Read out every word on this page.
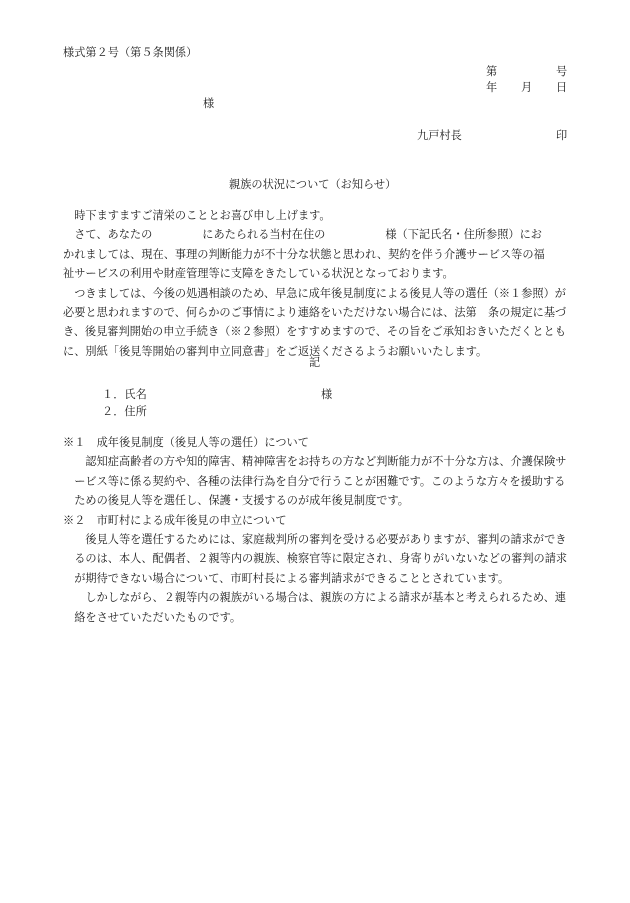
様式第２号（第５条関係）
第	号
年 月 日
様
九戸村長	印
親族の状況について（お知らせ）

時下ますますご清栄のこととお喜び申し上げます。

さて、あなたの	にあたられる当村在住の	様（下記氏名・住所参照）にお

かれましては、現在、事理の判断能力が不十分な状態と思われ、契約を伴う介護サービス等の福

祉サービスの利用や財産管理等に支障をきたしている状況となっております。

つきましては、今後の処遇相談のため、早急に成年後見制度による後見人等の選任（※１参照）が必要と思われますので、何らかのご事情により連絡をいただけない場合には、法第　条の規定に基づき、後見審判開始の申立手続き（※２参照）をすすめますので、その旨をご承知おきいただくとともに、別紙「後見等開始の審判申立同意書」をご返送くださるようお願いいたします。

記
１．氏名	様
２．住所

※１　成年後見制度（後見人等の選任）について

認知症高齢者の方や知的障害、精神障害をお持ちの方など判断能力が不十分な方は、介護保険サービス等に係る契約や、各種の法律行為を自分で行うことが困難です。このような方々を援助するための後見人等を選任し、保護・支援するのが成年後見制度です。

※２　市町村による成年後見の申立について

後見人等を選任するためには、家庭裁判所の審判を受ける必要がありますが、審判の請求ができるのは、本人、配偶者、２親等内の親族、検察官等に限定され、身寄りがいないなどの審判の請求が期待できない場合について、市町村長による審判請求ができることとされています。

しかしながら、２親等内の親族がいる場合は、親族の方による請求が基本と考えられるため、連絡をさせていただいたものです。
